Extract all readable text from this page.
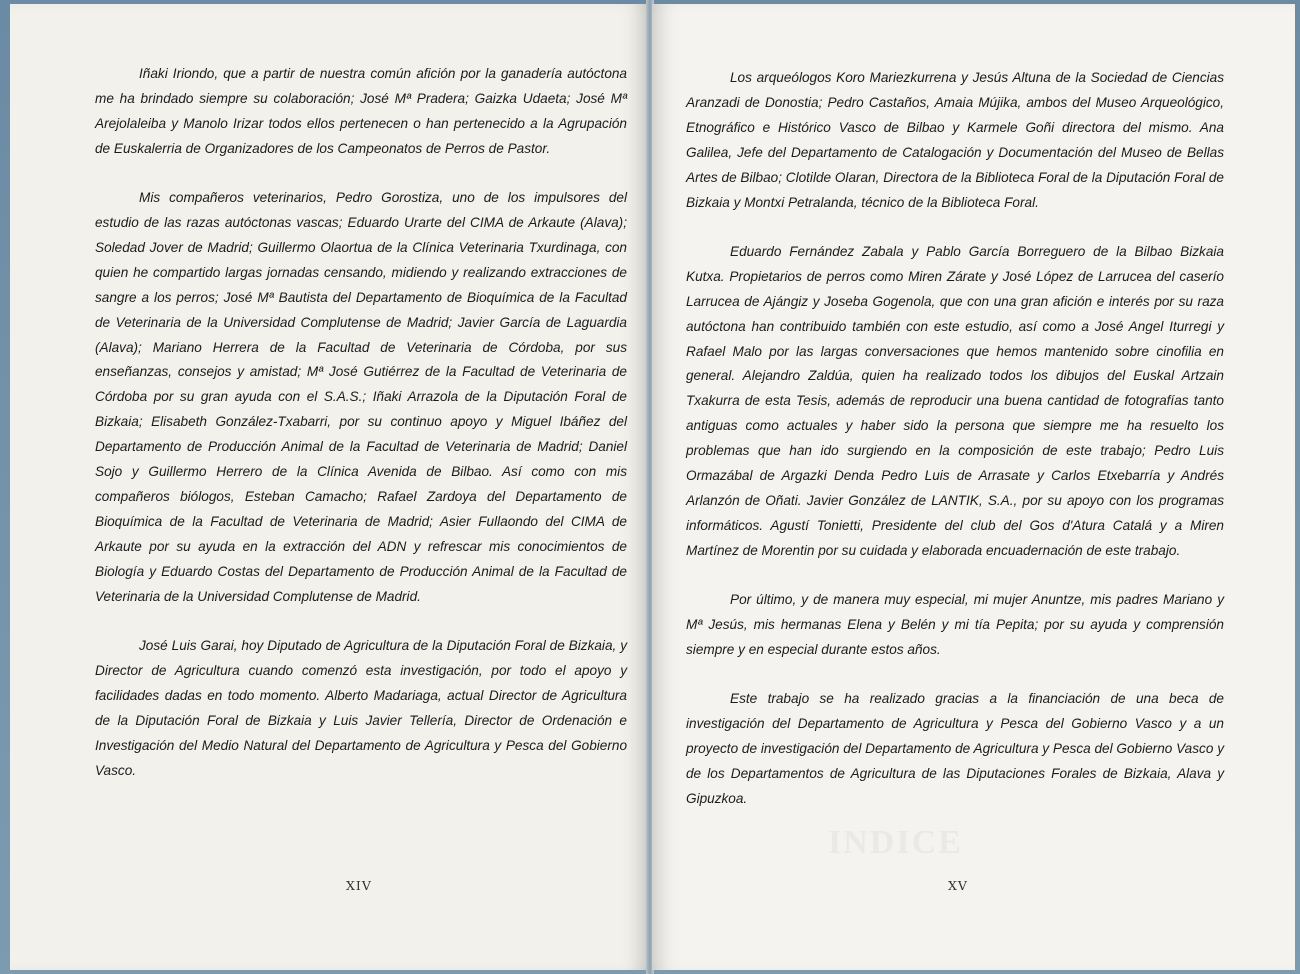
Iñaki Iriondo, que a partir de nuestra común afición por la ganadería autóctona me ha brindado siempre su colaboración; José Mª Pradera; Gaizka Udaeta; José Mª Arejolaleiba y Manolo Irizar todos ellos pertenecen o han pertenecido a la Agrupación de Euskalerria de Organizadores de los Campeonatos de Perros de Pastor.

Mis compañeros veterinarios, Pedro Gorostiza, uno de los impulsores del estudio de las razas autóctonas vascas; Eduardo Urarte del CIMA de Arkaute (Alava); Soledad Jover de Madrid; Guillermo Olaortua de la Clínica Veterinaria Txurdinaga, con quien he compartido largas jornadas censando, midiendo y realizando extracciones de sangre a los perros; José Mª Bautista del Departamento de Bioquímica de la Facultad de Veterinaria de la Universidad Complutense de Madrid; Javier García de Laguardia (Alava); Mariano Herrera de la Facultad de Veterinaria de Córdoba, por sus enseñanzas, consejos y amistad; Mª José Gutiérrez de la Facultad de Veterinaria de Córdoba por su gran ayuda con el S.A.S.; Iñaki Arrazola de la Diputación Foral de Bizkaia; Elisabeth González-Txabarri, por su continuo apoyo y Miguel Ibáñez del Departamento de Producción Animal de la Facultad de Veterinaria de Madrid; Daniel Sojo y Guillermo Herrero de la Clínica Avenida de Bilbao. Así como con mis compañeros biólogos, Esteban Camacho; Rafael Zardoya del Departamento de Bioquímica de la Facultad de Veterinaria de Madrid; Asier Fullaondo del CIMA de Arkaute por su ayuda en la extracción del ADN y refrescar mis conocimientos de Biología y Eduardo Costas del Departamento de Producción Animal de la Facultad de Veterinaria de la Universidad Complutense de Madrid.

José Luis Garai, hoy Diputado de Agricultura de la Diputación Foral de Bizkaia, y Director de Agricultura cuando comenzó esta investigación, por todo el apoyo y facilidades dadas en todo momento. Alberto Madariaga, actual Director de Agricultura de la Diputación Foral de Bizkaia y Luis Javier Tellería, Director de Ordenación e Investigación del Medio Natural del Departamento de Agricultura y Pesca del Gobierno Vasco.

XIV
INDICE

Los arqueólogos Koro Mariezkurrena y Jesús Altuna de la Sociedad de Ciencias Aranzadi de Donostia; Pedro Castaños, Amaia Mújika, ambos del Museo Arqueológico, Etnográfico e Histórico Vasco de Bilbao y Karmele Goñi directora del mismo. Ana Galilea, Jefe del Departamento de Catalogación y Documentación del Museo de Bellas Artes de Bilbao; Clotilde Olaran, Directora de la Biblioteca Foral de la Diputación Foral de Bizkaia y Montxi Petralanda, técnico de la Biblioteca Foral.

Eduardo Fernández Zabala y Pablo García Borreguero de la Bilbao Bizkaia Kutxa. Propietarios de perros como Miren Zárate y José López de Larrucea del caserío Larrucea de Ajángiz y Joseba Gogenola, que con una gran afición e interés por su raza autóctona han contribuido también con este estudio, así como a José Angel Iturregi y Rafael Malo por las largas conversaciones que hemos mantenido sobre cinofilia en general. Alejandro Zaldúa, quien ha realizado todos los dibujos del Euskal Artzain Txakurra de esta Tesis, además de reproducir una buena cantidad de fotografías tanto antiguas como actuales y haber sido la persona que siempre me ha resuelto los problemas que han ido surgiendo en la composición de este trabajo; Pedro Luis Ormazábal de Argazki Denda Pedro Luis de Arrasate y Carlos Etxebarría y Andrés Arlanzón de Oñati. Javier González de LANTIK, S.A., por su apoyo con los programas informáticos. Agustí Tonietti, Presidente del club del Gos d'Atura Catalá y a Miren Martínez de Morentin por su cuidada y elaborada encuadernación de este trabajo.

Por último, y de manera muy especial, mi mujer Anuntze, mis padres Mariano y Mª Jesús, mis hermanas Elena y Belén y mi tía Pepita; por su ayuda y comprensión siempre y en especial durante estos años.

Este trabajo se ha realizado gracias a la financiación de una beca de investigación del Departamento de Agricultura y Pesca del Gobierno Vasco y a un proyecto de investigación del Departamento de Agricultura y Pesca del Gobierno Vasco y de los Departamentos de Agricultura de las Diputaciones Forales de Bizkaia, Alava y Gipuzkoa.

XV
